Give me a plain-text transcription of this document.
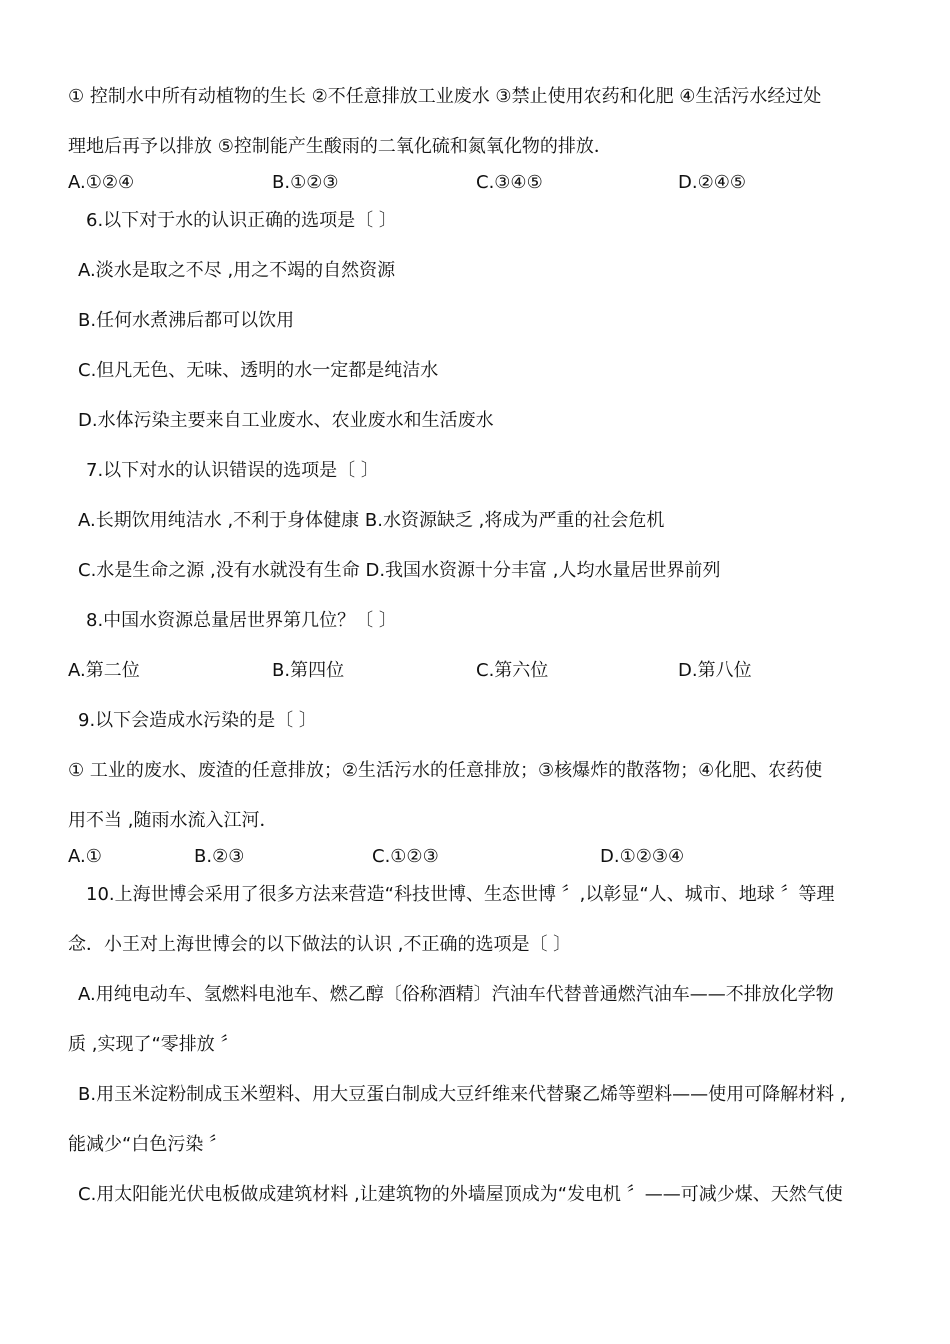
① 控制水中所有动植物的生长 ②不任意排放工业废水 ③禁止使用农药和化肥 ④生活污水经过处
理地后再予以排放 ⑤控制能产生酸雨的二氧化硫和氮氧化物的排放．
A.①②④	B.①②③	C.③④⑤	D.②④⑤
6.以下对于水的认识正确的选项是〔 〕
A.淡水是取之不尽 ,用之不竭的自然资源
B.任何水煮沸后都可以饮用
C.但凡无色、无味、透明的水一定都是纯洁水
D.水体污染主要来自工业废水、农业废水和生活废水
7.以下对水的认识错误的选项是〔 〕
A.长期饮用纯洁水 ,不利于身体健康 B.水资源缺乏 ,将成为严重的社会危机
C.水是生命之源 ,没有水就没有生命 D.我国水资源十分丰富 ,人均水量居世界前列
8.中国水资源总量居世界第几位？〔 〕
A.第二位	B.第四位	C.第六位	D.第八位
9.以下会造成水污染的是〔 〕
① 工业的废水、废渣的任意排放；②生活污水的任意排放；③核爆炸的散落物；④化肥、农药使
用不当 ,随雨水流入江河．
A.①	B.②③	C.①②③	D.①②③④
10.上海世博会采用了很多方法来营造“科技世博、生态世博 〞,以彰显“人、城市、地球 〞等理
念．小王对上海世博会的以下做法的认识 ,不正确的选项是〔 〕
A.用纯电动车、氢燃料电池车、燃乙醇〔俗称酒精〕汽油车代替普通燃汽油车——不排放化学物
质 ,实现了“零排放 〞
B.用玉米淀粉制成玉米塑料、用大豆蛋白制成大豆纤维来代替聚乙烯等塑料——使用可降解材料 ,
能减少“白色污染 〞
C.用太阳能光伏电板做成建筑材料 ,让建筑物的外墙屋顶成为“发电机 〞——可减少煤、天然气使
